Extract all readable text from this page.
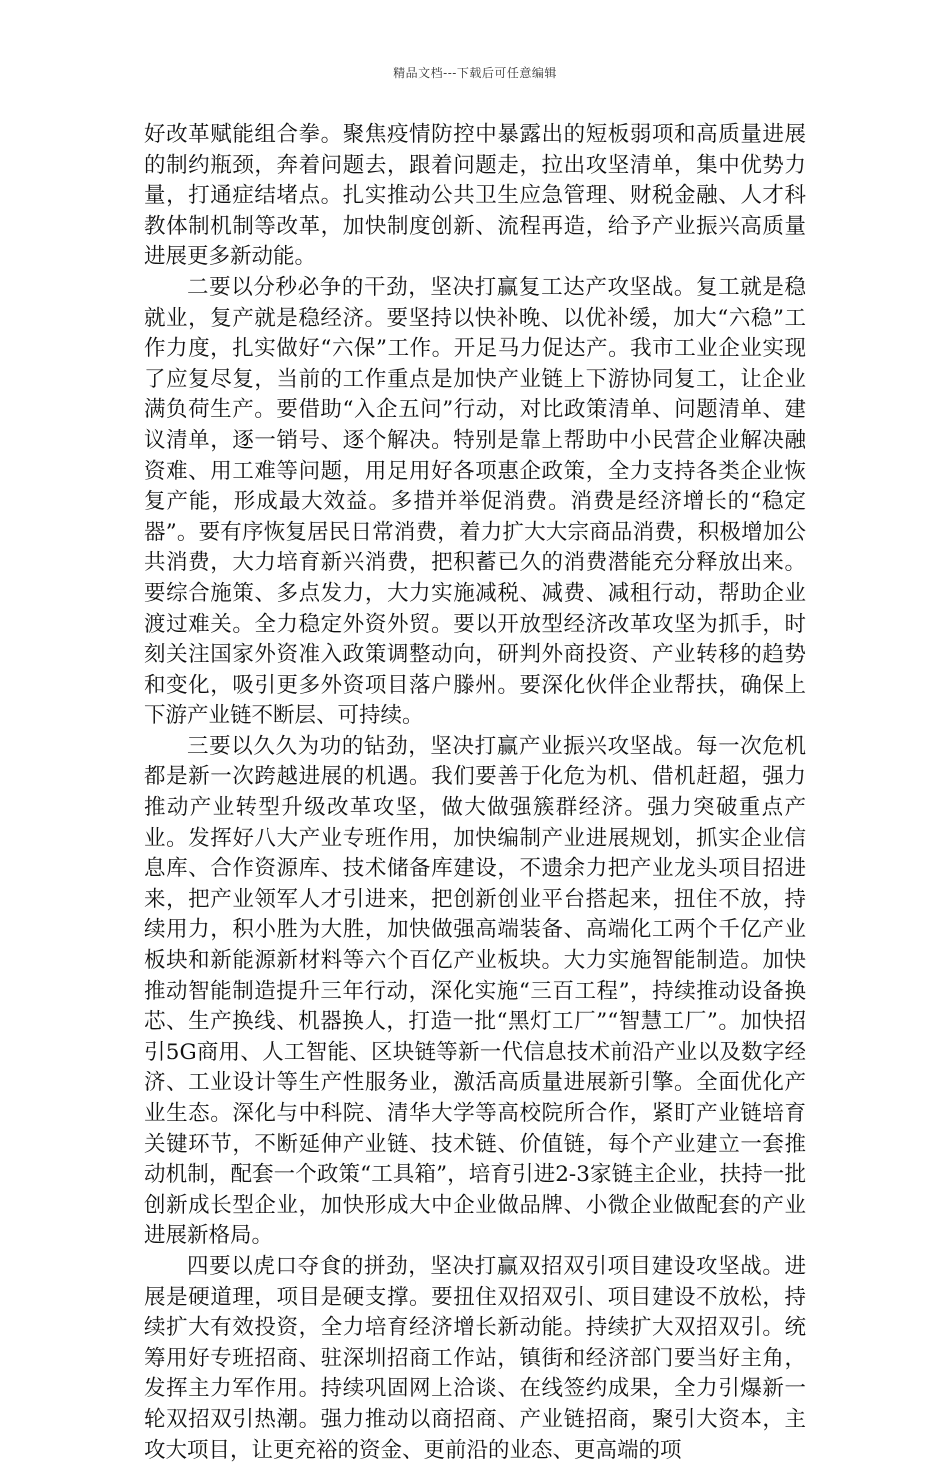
精品文档---下载后可任意编辑

好改革赋能组合拳。聚焦疫情防控中暴露出的短板弱项和高质量进展的制约瓶颈，奔着问题去，跟着问题走，拉出攻坚清单，集中优势力量，打通症结堵点。扎实推动公共卫生应急管理、财税金融、人才科教体制机制等改革，加快制度创新、流程再造，给予产业振兴高质量进展更多新动能。

二要以分秒必争的干劲，坚决打赢复工达产攻坚战。复工就是稳就业，复产就是稳经济。要坚持以快补晚、以优补缓，加大“六稳”工作力度，扎实做好“六保”工作。开足马力促达产。我市工业企业实现了应复尽复，当前的工作重点是加快产业链上下游协同复工，让企业满负荷生产。要借助“入企五问”行动，对比政策清单、问题清单、建议清单，逐一销号、逐个解决。特别是靠上帮助中小民营企业解决融资难、用工难等问题，用足用好各项惠企政策，全力支持各类企业恢复产能，形成最大效益。多措并举促消费。消费是经济增长的“稳定器”。要有序恢复居民日常消费，着力扩大大宗商品消费，积极增加公共消费，大力培育新兴消费，把积蓄已久的消费潜能充分释放出来。要综合施策、多点发力，大力实施减税、减费、减租行动，帮助企业渡过难关。全力稳定外资外贸。要以开放型经济改革攻坚为抓手，时刻关注国家外资准入政策调整动向，研判外商投资、产业转移的趋势和变化，吸引更多外资项目落户滕州。要深化伙伴企业帮扶，确保上下游产业链不断层、可持续。

三要以久久为功的钻劲，坚决打赢产业振兴攻坚战。每一次危机都是新一次跨越进展的机遇。我们要善于化危为机、借机赶超，强力推动产业转型升级改革攻坚，做大做强簇群经济。强力突破重点产业。发挥好八大产业专班作用，加快编制产业进展规划，抓实企业信息库、合作资源库、技术储备库建设，不遗余力把产业龙头项目招进来，把产业领军人才引进来，把创新创业平台搭起来，扭住不放，持续用力，积小胜为大胜，加快做强高端装备、高端化工两个千亿产业板块和新能源新材料等六个百亿产业板块。大力实施智能制造。加快推动智能制造提升三年行动，深化实施“三百工程”，持续推动设备换芯、生产换线、机器换人，打造一批“黑灯工厂”“智慧工厂”。加快招引5G商用、人工智能、区块链等新一代信息技术前沿产业以及数字经济、工业设计等生产性服务业，激活高质量进展新引擎。全面优化产业生态。深化与中科院、清华大学等高校院所合作，紧盯产业链培育关键环节，不断延伸产业链、技术链、价值链，每个产业建立一套推动机制，配套一个政策“工具箱”，培育引进2-3家链主企业，扶持一批创新成长型企业，加快形成大中企业做品牌、小微企业做配套的产业进展新格局。

四要以虎口夺食的拼劲，坚决打赢双招双引项目建设攻坚战。进展是硬道理，项目是硬支撑。要扭住双招双引、项目建设不放松，持续扩大有效投资，全力培育经济增长新动能。持续扩大双招双引。统筹用好专班招商、驻深圳招商工作站，镇街和经济部门要当好主角，发挥主力军作用。持续巩固网上洽谈、在线签约成果，全力引爆新一轮双招双引热潮。强力推动以商招商、产业链招商，聚引大资本，主攻大项目，让更充裕的资金、更前沿的业态、更高端的项
